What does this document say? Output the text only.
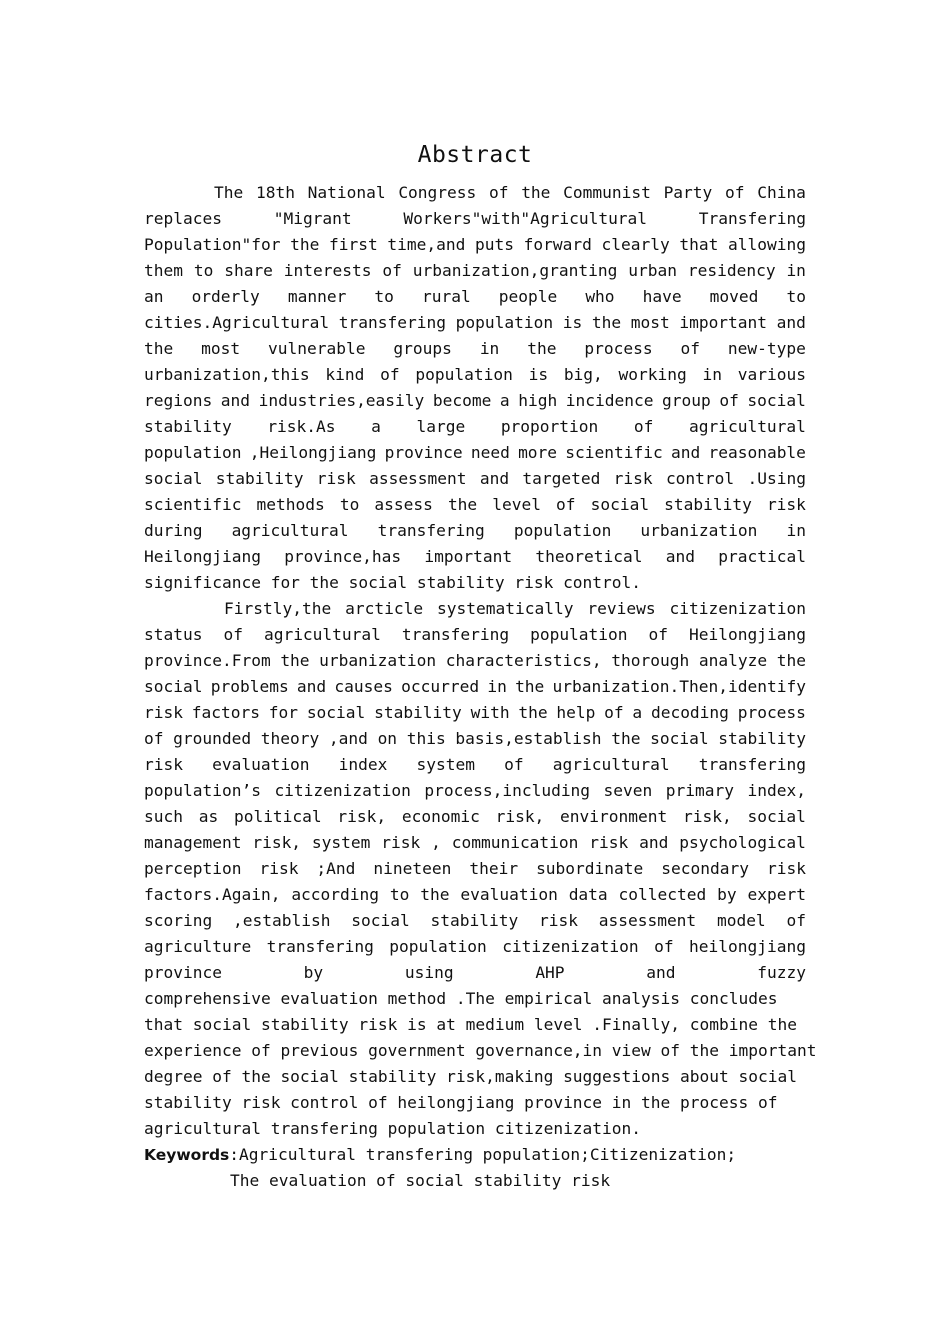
Abstract
The 18th National Congress of the Communist Party of China
replaces	"Migrant	Workers"with"Agricultural	Transfering
Population"for the first time,and puts forward clearly that allowing
them to share interests of urbanization,granting urban residency in
an orderly manner to rural people who have moved to
cities.Agricultural transfering population is the most important and
the most vulnerable groups in the process of new-type
urbanization,this kind of population is big, working in various
regions and industries,easily become a high incidence group of social
stability risk.As a large proportion of agricultural
population ,Heilongjiang province need more scientific and reasonable
social stability risk assessment and targeted risk control .Using
scientific methods to assess the level of social stability risk
during agricultural transfering population urbanization in
Heilongjiang province,has important theoretical and practical
significance for the social stability risk control.
Firstly,the arcticle systematically reviews citizenization
status of agricultural transfering population of Heilongjiang
province.From the urbanization characteristics, thorough analyze the
social problems and causes occurred in the urbanization.Then,identify
risk factors for social stability with the help of a decoding process
of grounded theory ,and on this basis,establish the social stability
risk evaluation index system of agricultural transfering
population’s citizenization process,including seven primary index,
such as political risk, economic risk, environment risk, social
management risk, system risk , communication risk and psychological
perception risk ;And nineteen their subordinate secondary risk
factors.Again, according to the evaluation data collected by expert
scoring ,establish social stability risk assessment model of
agriculture transfering population citizenization of heilongjiang
province	by	using	AHP	and	fuzzy
comprehensive evaluation method .The empirical analysis concludes
that social stability risk is at medium level .Finally, combine the
experience of previous government governance,in view of the important
degree of the social stability risk,making suggestions about social
stability risk control of heilongjiang province in the process of
agricultural transfering population citizenization.
Keywords:Agricultural transfering population;Citizenization;
The evaluation of social stability risk
